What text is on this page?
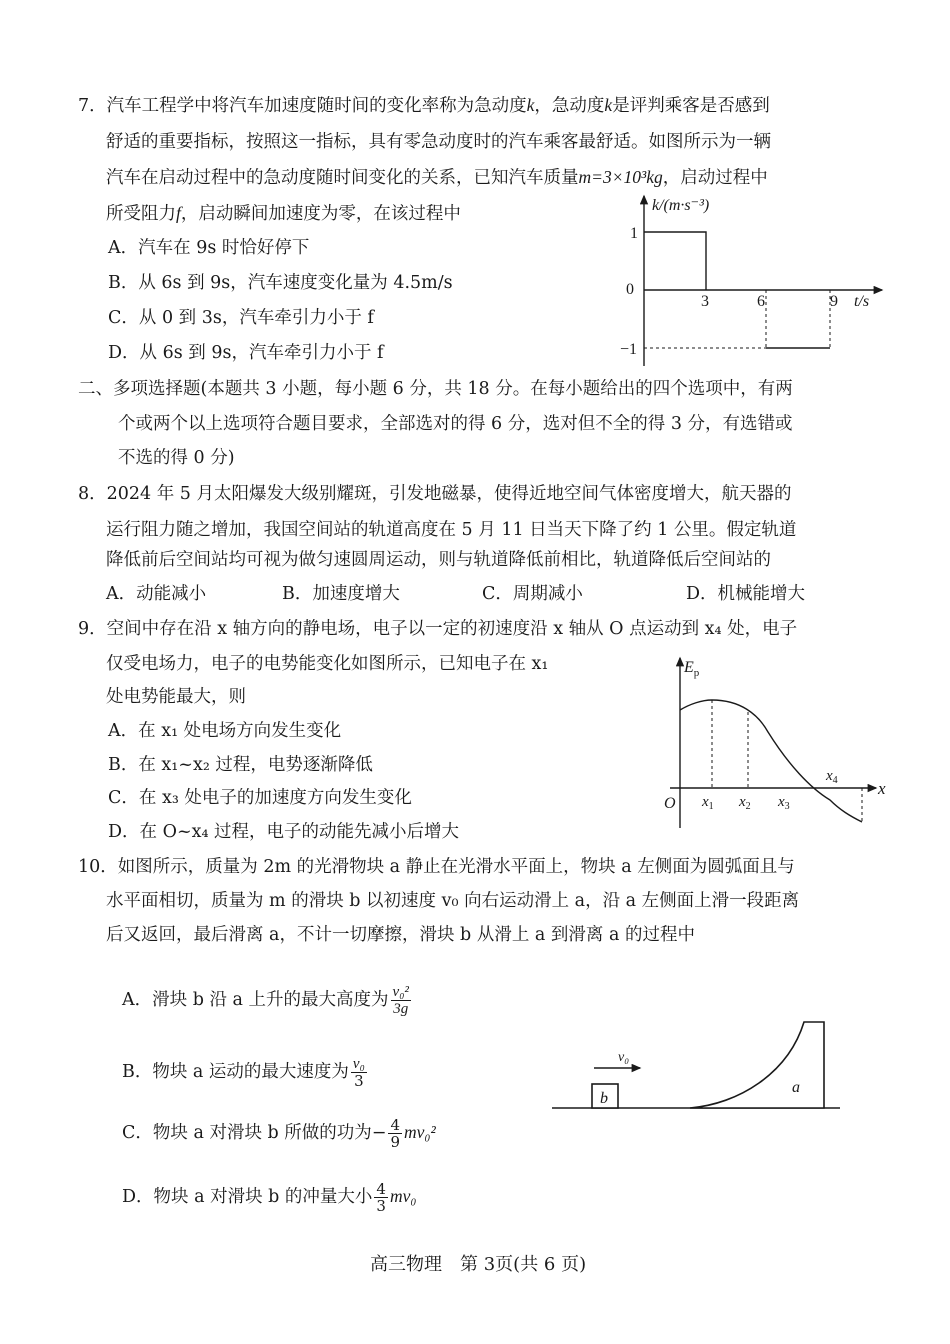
7．汽车工程学中将汽车加速度随时间的变化率称为急动度k，急动度k是评判乘客是否感到
舒适的重要指标，按照这一指标，具有零急动度时的汽车乘客最舒适。如图所示为一辆
汽车在启动过程中的急动度随时间变化的关系，已知汽车质量m=3×10³kg，启动过程中
所受阻力f，启动瞬间加速度为零，在该过程中
A．汽车在 9s 时恰好停下
B．从 6s 到 9s，汽车速度变化量为 4.5m/s
C．从 0 到 3s，汽车牵引力小于 f
D．从 6s 到 9s，汽车牵引力小于 f
k/(m·s⁻³)
t/s
0
1
−1
3	6	9
二、多项选择题(本题共 3 小题，每小题 6 分，共 18 分。在每小题给出的四个选项中，有两
个或两个以上选项符合题目要求，全部选对的得 6 分，选对但不全的得 3 分，有选错或
不选的得 0 分)
8．2024 年 5 月太阳爆发大级别耀斑，引发地磁暴，使得近地空间气体密度增大，航天器的
运行阻力随之增加，我国空间站的轨道高度在 5 月 11 日当天下降了约 1 公里。假定轨道
降低前后空间站均可视为做匀速圆周运动，则与轨道降低前相比，轨道降低后空间站的
A．动能减小	B．加速度增大	C．周期减小	D．机械能增大
9．空间中存在沿 x 轴方向的静电场，电子以一定的初速度沿 x 轴从 O 点运动到 x₄ 处，电子
仅受电场力，电子的电势能变化如图所示，已知电子在 x₁
处电势能最大，则
A．在 x₁ 处电场方向发生变化
B．在 x₁~x₂ 过程，电势逐渐降低
C．在 x₃ 处电子的加速度方向发生变化
D．在 O~x₄ 过程，电子的动能先减小后增大
$E_p$
x
O $x_1$ $x_2$ $x_3$
$x_4$
10．如图所示，质量为 2m 的光滑物块 a 静止在光滑水平面上，物块 a 左侧面为圆弧面且与
水平面相切，质量为 m 的滑块 b 以初速度 v₀ 向右运动滑上 a，沿 a 左侧面上滑一段距离
后又返回，最后滑离 a，不计一切摩擦，滑块 b 从滑上 a 到滑离 a 的过程中
A．滑块 b 沿 a 上升的最大高度为 $\frac{\text{v₀²}}{3g}$
B．物块 a 运动的最大速度为 $\frac{\text{v₀}}{3}$
C．物块 a 对滑块 b 所做的功为− $\frac{4}{9} mv_0^2$
D．物块 a 对滑块 b 的冲量大小 $\frac{4}{3} mv_0$
b
v₀
a
高三物理　第 3页(共 6 页)
